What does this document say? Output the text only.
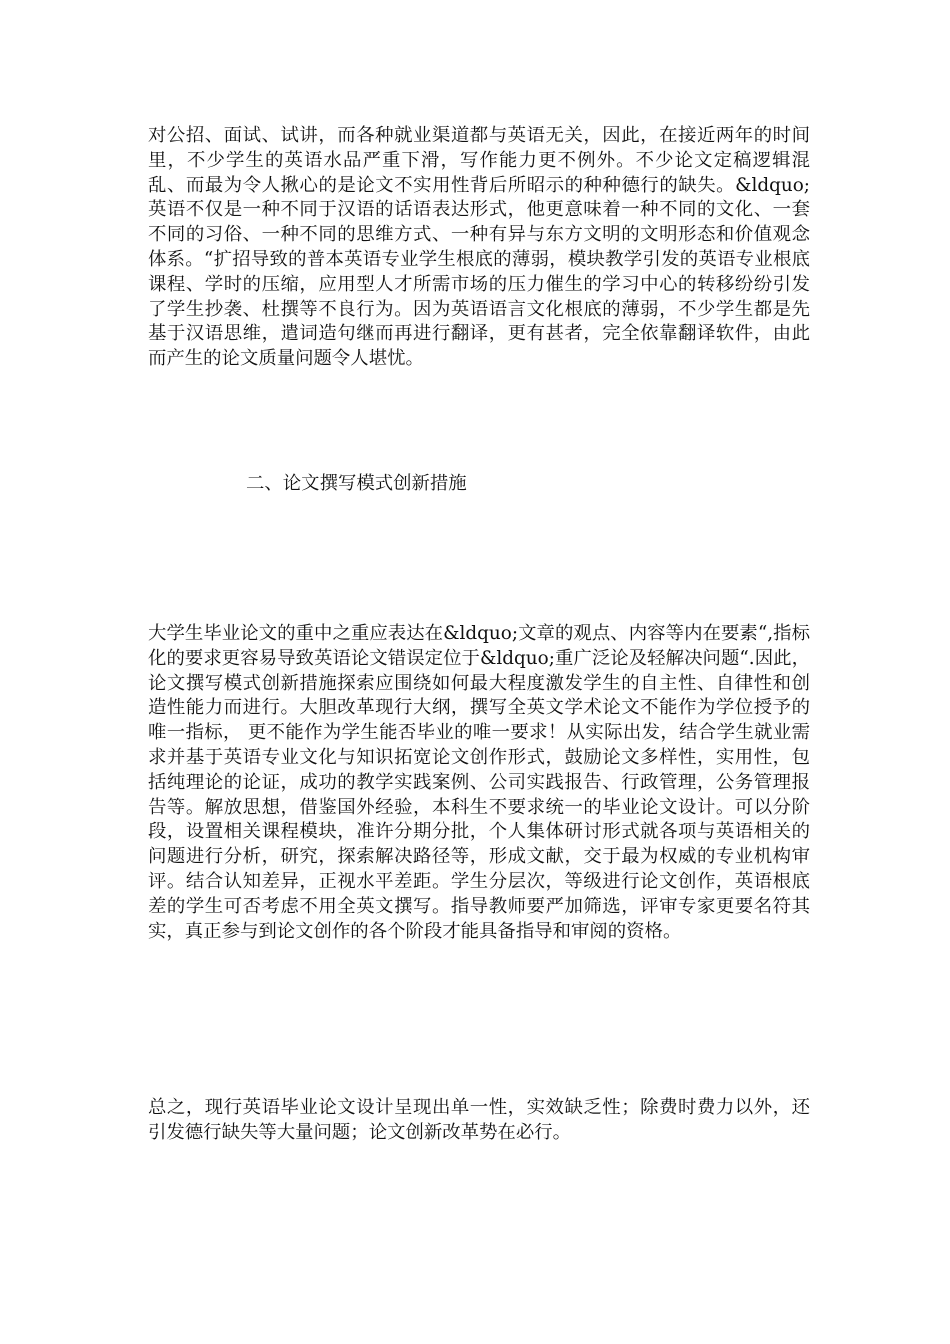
对公招、面试、试讲，而各种就业渠道都与英语无关，因此，在接近两年的时间里，不少学生的英语水品严重下滑，写作能力更不例外。不少论文定稿逻辑混乱、而最为令人揪心的是论文不实用性背后所昭示的种种德行的缺失。&ldquo;英语不仅是一种不同于汉语的话语表达形式，他更意味着一种不同的文化、一套不同的习俗、一种不同的思维方式、一种有异与东方文明的文明形态和价值观念体系。“扩招导致的普本英语专业学生根底的薄弱，模块教学引发的英语专业根底课程、学时的压缩，应用型人才所需市场的压力催生的学习中心的转移纷纷引发了学生抄袭、杜撰等不良行为。因为英语语言文化根底的薄弱，不少学生都是先基于汉语思维，遣词造句继而再进行翻译，更有甚者，完全依靠翻译软件，由此而产生的论文质量问题令人堪忧。

二、论文撰写模式创新措施

大学生毕业论文的重中之重应表达在&ldquo;文章的观点、内容等内在要素“,指标化的要求更容易导致英语论文错误定位于&ldquo;重广泛论及轻解决问题“.因此，论文撰写模式创新措施探索应围绕如何最大程度激发学生的自主性、自律性和创造性能力而进行。大胆改革现行大纲，撰写全英文学术论文不能作为学位授予的唯一指标， 更不能作为学生能否毕业的唯一要求！从实际出发，结合学生就业需求并基于英语专业文化与知识拓宽论文创作形式，鼓励论文多样性，实用性，包括纯理论的论证，成功的教学实践案例、公司实践报告、行政管理，公务管理报告等。解放思想，借鉴国外经验，本科生不要求统一的毕业论文设计。可以分阶段，设置相关课程模块，准许分期分批，个人集体研讨形式就各项与英语相关的问题进行分析，研究，探索解决路径等，形成文献，交于最为权威的专业机构审评。结合认知差异，正视水平差距。学生分层次，等级进行论文创作，英语根底差的学生可否考虑不用全英文撰写。指导教师要严加筛选，评审专家更要名符其实，真正参与到论文创作的各个阶段才能具备指导和审阅的资格。

总之，现行英语毕业论文设计呈现出单一性，实效缺乏性；除费时费力以外，还引发德行缺失等大量问题；论文创新改革势在必行。
